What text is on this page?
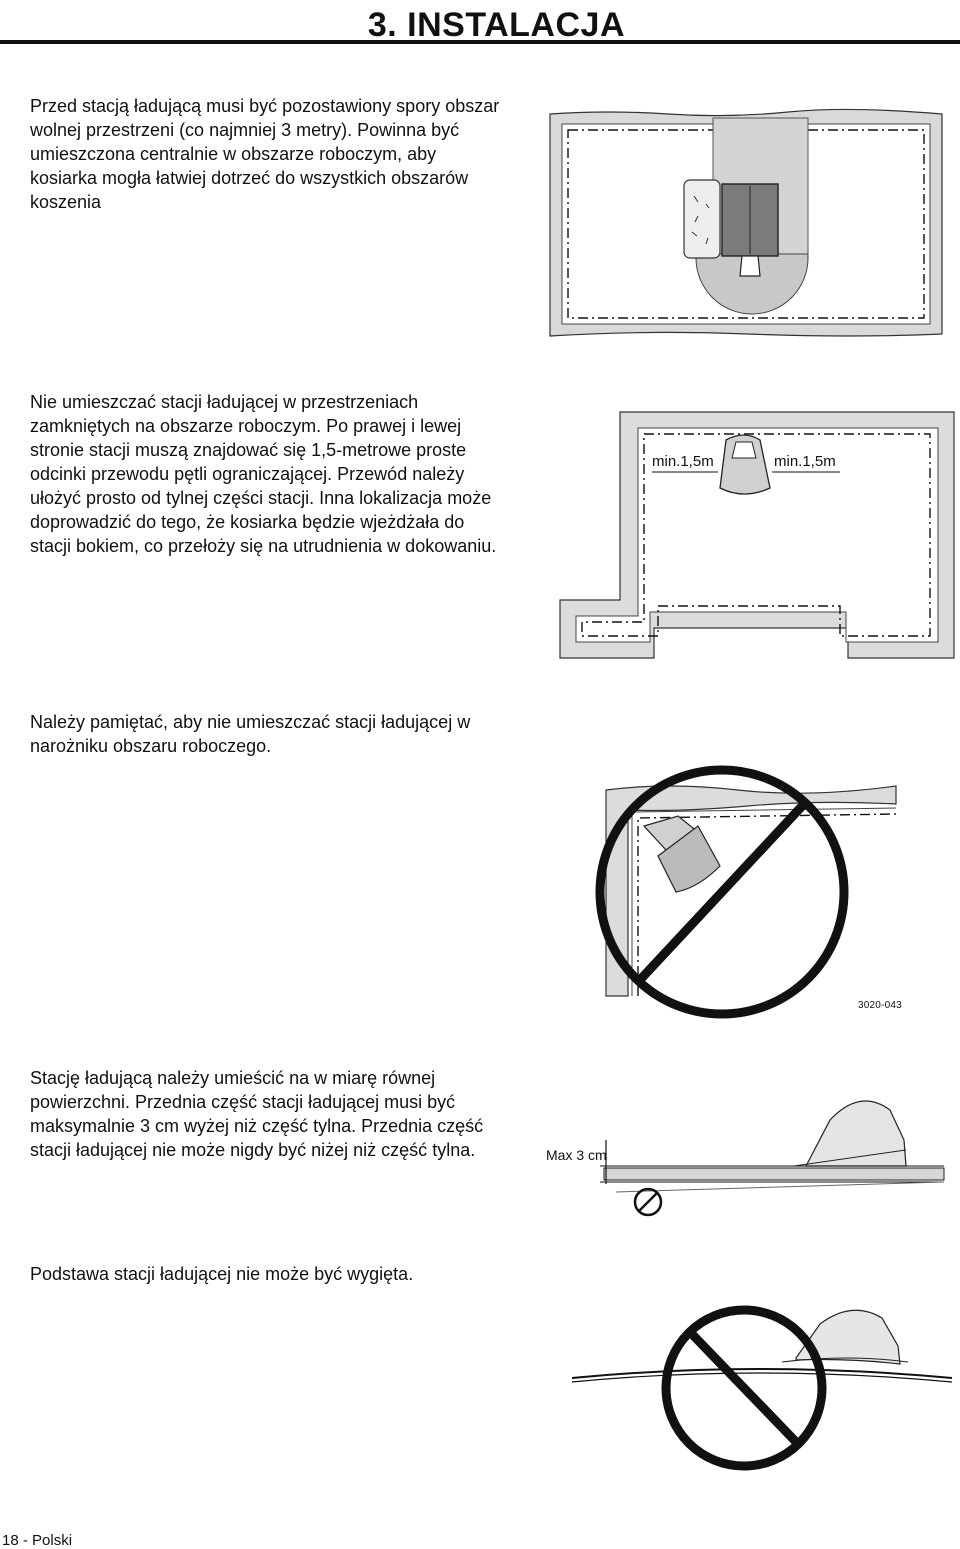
3. INSTALACJA

Przed stacją ładującą musi być pozostawiony spory obszar wolnej przestrzeni (co najmniej 3 metry). Powinna być umieszczona centralnie w obszarze roboczym, aby kosiarka mogła łatwiej dotrzeć do wszystkich obszarów koszenia

Nie umieszczać stacji ładującej w przestrzeniach zamkniętych na obszarze roboczym. Po prawej i lewej stronie stacji muszą znajdować się 1,5-metrowe proste odcinki przewodu pętli ograniczającej. Przewód należy ułożyć prosto od tylnej części stacji. Inna lokalizacja może doprowadzić do tego, że kosiarka będzie wjeżdżała do stacji bokiem, co przełoży się na utrudnienia w dokowaniu.

min.1,5m	min.1,5m

Należy pamiętać, aby nie umieszczać stacji ładującej w narożniku obszaru roboczego.

3020-043

Stację ładującą należy umieścić na w miarę równej powierzchni. Przednia część stacji ładującej musi być maksymalnie 3 cm wyżej niż część tylna. Przednia część stacji ładującej nie może nigdy być niżej niż część tylna.	Max 3 cm

Podstawa stacji ładującej nie może być wygięta.

18 - Polski
